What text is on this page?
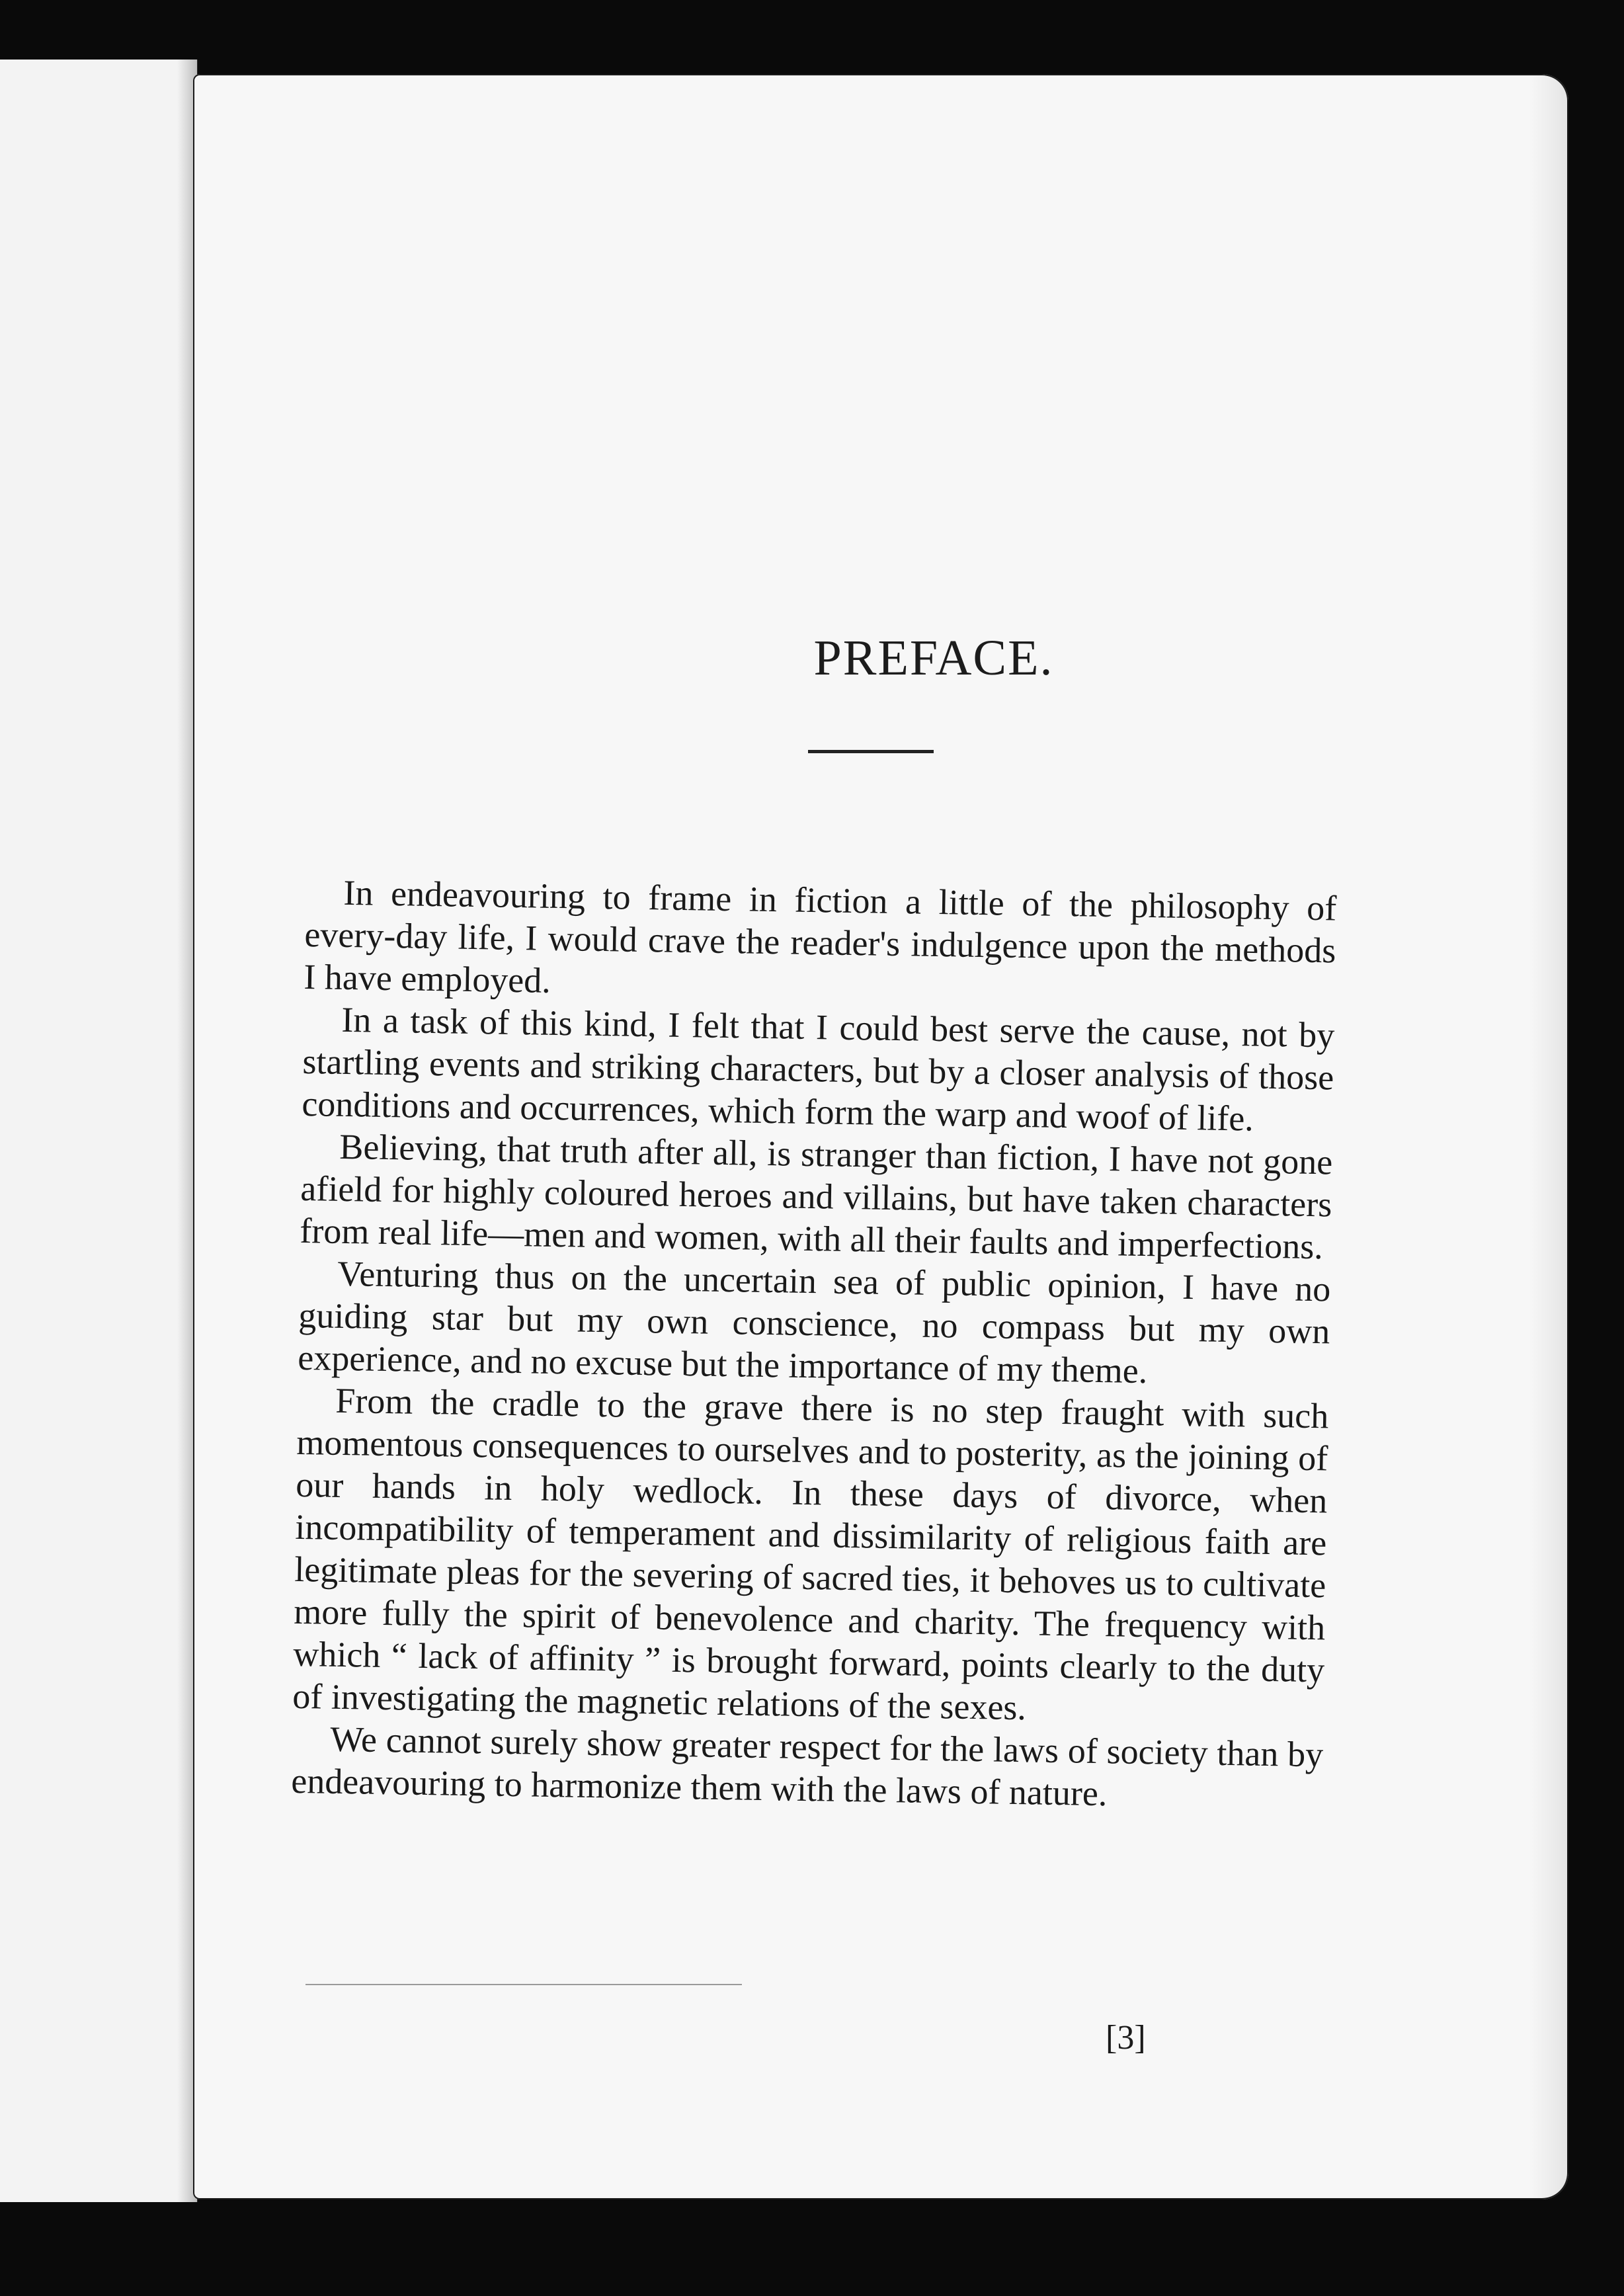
PREFACE.

In endeavouring to frame in fiction a little of the philosophy of every-day life, I would crave the reader's indulgence upon the methods I have employed.

In a task of this kind, I felt that I could best serve the cause, not by startling events and striking characters, but by a closer analysis of those conditions and occurrences, which form the warp and woof of life.

Believing, that truth after all, is stranger than fiction, I have not gone afield for highly coloured heroes and villains, but have taken characters from real life—men and women, with all their faults and imperfections.

Venturing thus on the uncertain sea of public opinion, I have no guiding star but my own conscience, no compass but my own experience, and no excuse but the importance of my theme.

From the cradle to the grave there is no step fraught with such momentous consequences to ourselves and to posterity, as the joining of our hands in holy wedlock. In these days of divorce, when incompatibility of temperament and dissimilarity of religious faith are legitimate pleas for the severing of sacred ties, it behoves us to cultivate more fully the spirit of benevolence and charity. The frequency with which “ lack of affinity ” is brought forward, points clearly to the duty of investigating the magnetic relations of the sexes.

We cannot surely show greater respect for the laws of society than by endeavouring to harmonize them with the laws of nature.

[3]
